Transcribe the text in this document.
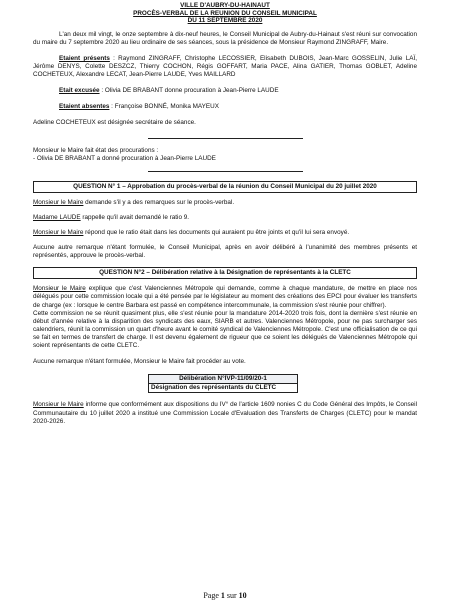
VILLE D'AUBRY-DU-HAINAUT
PROCÈS-VERBAL DE LA REUNION DU CONSEIL MUNICIPAL
DU 11 SEPTEMBRE 2020

L'an deux mil vingt, le onze septembre à dix-neuf heures, le Conseil Municipal de Aubry-du-Hainaut s'est réuni sur convocation du maire du 7 septembre 2020 au lieu ordinaire de ses séances, sous la présidence de Monsieur Raymond ZINGRAFF, Maire.

Etaient présents : Raymond ZINGRAFF, Christophe LECOSSIER, Elisabeth DUBOIS, Jean-Marc GOSSELIN, Julie LAÏ, Jérôme DENYS, Colette DESZCZ, Thierry COCHON, Régis GOFFART, Maria PACE, Alina GATIER, Thomas GOBLET, Adeline COCHETEUX, Alexandre LECAT, Jean-Pierre LAUDE, Yves MAILLARD

Etait excusée : Olivia DE BRABANT donne procuration à Jean-Pierre LAUDE

Etaient absentes : Françoise BONNÉ, Monika MAYEUX

Adeline COCHETEUX est désignée secrétaire de séance.

Monsieur le Maire fait état des procurations :

- Olivia DE BRABANT a donné procuration à Jean-Pierre LAUDE

QUESTION N° 1 – Approbation du procès-verbal de la réunion du Conseil Municipal du 20 juillet 2020

Monsieur le Maire demande s'il y a des remarques sur le procès-verbal.

Madame LAUDE rappelle qu'il avait demandé le ratio 9.

Monsieur le Maire répond que le ratio était dans les documents qui auraient pu être joints et qu'il lui sera envoyé.

Aucune autre remarque n'étant formulée, le Conseil Municipal, après en avoir délibéré à l'unanimité des membres présents et représentés, approuve le procès-verbal.

QUESTION N°2 – Délibération relative à la Désignation de représentants à la CLETC

Monsieur le Maire explique que c'est Valenciennes Métropole qui demande, comme à chaque mandature, de mettre en place nos délégués pour cette commission locale qui a été pensée par le législateur au moment des créations des EPCI pour évaluer les transferts de charge (ex : lorsque le centre Barbara est passé en compétence intercommunale, la commission s'est réunie pour chiffrer).

Cette commission ne se réunit quasiment plus, elle s'est réunie pour la mandature 2014-2020 trois fois, dont la dernière s'est réunie en début d'année relative à la disparition des syndicats des eaux, SIARB et autres. Valenciennes Métropole, pour ne pas surcharger ses calendriers, réunit la commission un quart d'heure avant le comité syndical de Valenciennes Métropole. C'est une officialisation de ce qui se fait en termes de transfert de charge. Il est devenu également de rigueur que ce soient les délégués de Valenciennes Métropole qui soient représentants de cette CLETC.

Aucune remarque n'étant formulée, Monsieur le Maire fait procéder au vote.

Délibération N°IVP-11/09/20-1
Désignation des représentants du CLETC

Monsieur le Maire informe que conformément aux dispositions du IV° de l'article 1609 nonies C du Code Général des Impôts, le Conseil Communautaire du 10 juillet 2020 a institué une Commission Locale d'Evaluation des Transferts de Charges (CLETC) pour le mandat 2020-2026.

Page 1 sur 10
